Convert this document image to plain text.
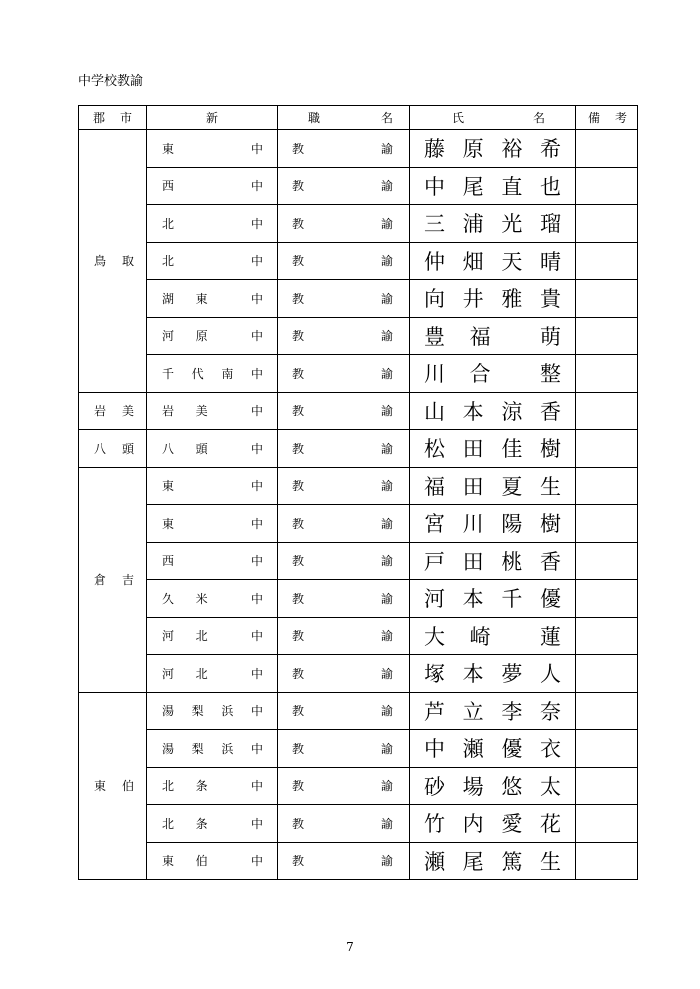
中学校教諭
郡 市	新	職 名	氏 名	備 考

鳥 取	東 中	教 諭	藤 原 裕 希	

	西 中	教 諭	中 尾 直 也	

	北 中	教 諭	三 浦 光 瑠	

	北 中	教 諭	仲 畑 天 晴	

	湖 東 中	教 諭	向 井 雅 貴	

	河 原 中	教 諭	豊 福 萌	

	千 代 南 中	教 諭	川 合 整	

岩 美	岩 美 中	教 諭	山 本 涼 香	

八 頭	八 頭 中	教 諭	松 田 佳 樹	

倉 吉	東 中	教 諭	福 田 夏 生	

	東 中	教 諭	宮 川 陽 樹	

	西 中	教 諭	戸 田 桃 香	

	久 米 中	教 諭	河 本 千 優	

	河 北 中	教 諭	大 崎 蓮	

	河 北 中	教 諭	塚 本 夢 人	

東 伯	湯 梨 浜 中	教 諭	芦 立 李 奈	

	湯 梨 浜 中	教 諭	中 瀬 優 衣	

	北 条 中	教 諭	砂 場 悠 太	

	北 条 中	教 諭	竹 内 愛 花	

	東 伯 中	教 諭	瀬 尾 篤 生	

7
